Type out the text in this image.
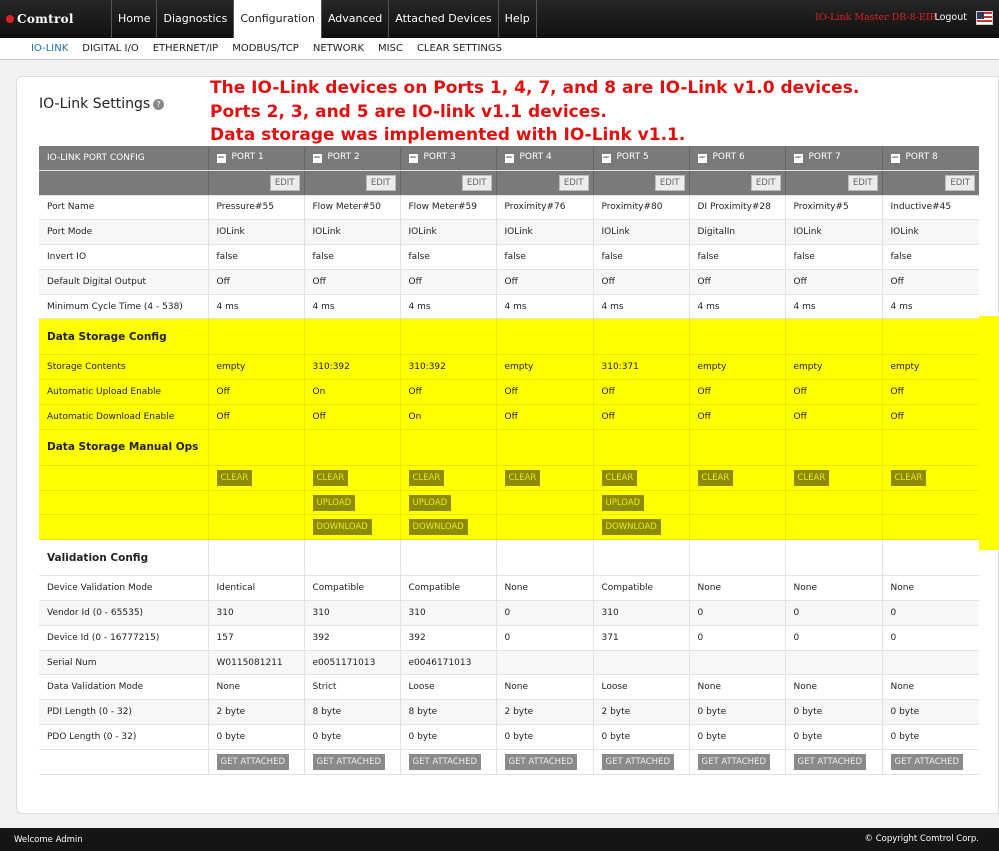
Comtrol	Home	Diagnostics	Configuration	Advanced	Attached Devices	Help	IO-Link Master DR-8-EIP
Logout
IO-LINK DIGITAL I/O ETHERNET/IP MODBUS/TCP NETWORK MISC CLEAR SETTINGS
IO-Link Settings ?
The IO-Link devices on Ports 1, 4, 7, and 8 are IO-Link v1.0 devices.
Ports 2, 3, and 5 are IO-link v1.1 devices.
Data storage was implemented with IO-Link v1.1.
IO-LINK PORT CONFIG	− PORT 1	− PORT 2	− PORT 3	− PORT 4	− PORT 5	− PORT 6	− PORT 7	− PORT 8
	EDIT	EDIT	EDIT	EDIT	EDIT	EDIT	EDIT	EDIT
Port Name	Pressure#55	Flow Meter#50	Flow Meter#59	Proximity#76	Proximity#80	DI Proximity#28	Proximity#5	Inductive#45
Port Mode	IOLink	IOLink	IOLink	IOLink	IOLink	DigitalIn	IOLink	IOLink
Invert IO	false	false	false	false	false	false	false	false
Default Digital Output	Off	Off	Off	Off	Off	Off	Off	Off
Minimum Cycle Time (4 - 538)	4 ms	4 ms	4 ms	4 ms	4 ms	4 ms	4 ms	4 ms
Data Storage Config								
Storage Contents	empty	310:392	310:392	empty	310:371	empty	empty	empty
Automatic Upload Enable	Off	On	Off	Off	Off	Off	Off	Off
Automatic Download Enable	Off	Off	On	Off	Off	Off	Off	Off
Data Storage Manual Ops								
	CLEAR	CLEAR	CLEAR	CLEAR	CLEAR	CLEAR	CLEAR	CLEAR
		UPLOAD	UPLOAD		UPLOAD			
		DOWNLOAD	DOWNLOAD		DOWNLOAD			
Validation Config								
Device Validation Mode	Identical	Compatible	Compatible	None	Compatible	None	None	None
Vendor Id (0 - 65535)	310	310	310	0	310	0	0	0
Device Id (0 - 16777215)	157	392	392	0	371	0	0	0
Serial Num	W0115081211	e0051171013	e0046171013					
Data Validation Mode	None	Strict	Loose	None	Loose	None	None	None
PDI Length (0 - 32)	2 byte	8 byte	8 byte	2 byte	2 byte	0 byte	0 byte	0 byte
PDO Length (0 - 32)	0 byte	0 byte	0 byte	0 byte	0 byte	0 byte	0 byte	0 byte
	GET ATTACHED	GET ATTACHED	GET ATTACHED	GET ATTACHED	GET ATTACHED	GET ATTACHED	GET ATTACHED	GET ATTACHED
Welcome Admin	© Copyright Comtrol Corp.
